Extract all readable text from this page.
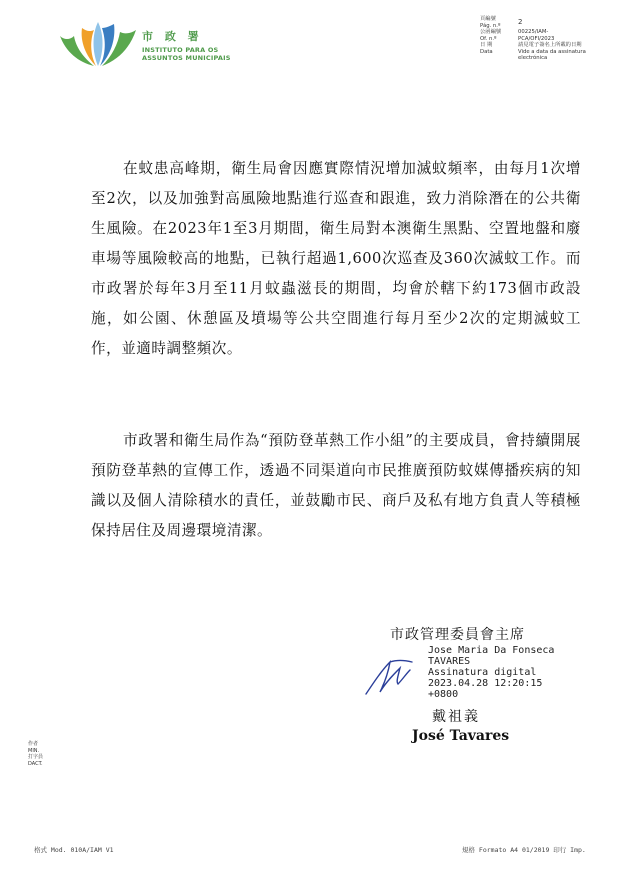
市 政 署
INSTITUTO PARA OS
ASSUNTOS MUNICIPAIS
頁編號
Pág. n.º	2
公函編號
Of. n.º
00225/IAM-
PCA/OFI/2023
日 期
Data
請見電子簽名上所載的日期
Vide a data da assinatura
electrónica
在蚊患高峰期，衛生局會因應實際情況增加滅蚊頻率，由每月1次增至2次，以及加強對高風險地點進行巡查和跟進，致力消除潛在的公共衛生風險。在2023年1至3月期間，衛生局對本澳衛生黑點、空置地盤和廢車場等風險較高的地點，已執行超過1,600次巡查及360次滅蚊工作。而市政署於每年3月至11月蚊蟲滋長的期間，均會於轄下約173個市政設施，如公園、休憩區及墳場等公共空間進行每月至少2次的定期滅蚊工作，並適時調整頻次。
市政署和衛生局作為“預防登革熱工作小組”的主要成員，會持續開展預防登革熱的宣傳工作，透過不同渠道向市民推廣預防蚊媒傳播疾病的知識以及個人清除積水的責任，並鼓勵市民、商戶及私有地方負責人等積極保持居住及周邊環境清潔。
市政管理委員會主席
Jose Maria Da Fonseca
TAVARES
Assinatura digital
2023.04.28 12:20:15
+0800
戴祖義
José Tavares
作者
MIN.
打字員
DACT.
格式 Mod. 010A/IAM V1	規格 Formato A4 01/2019 印行 Imp.
